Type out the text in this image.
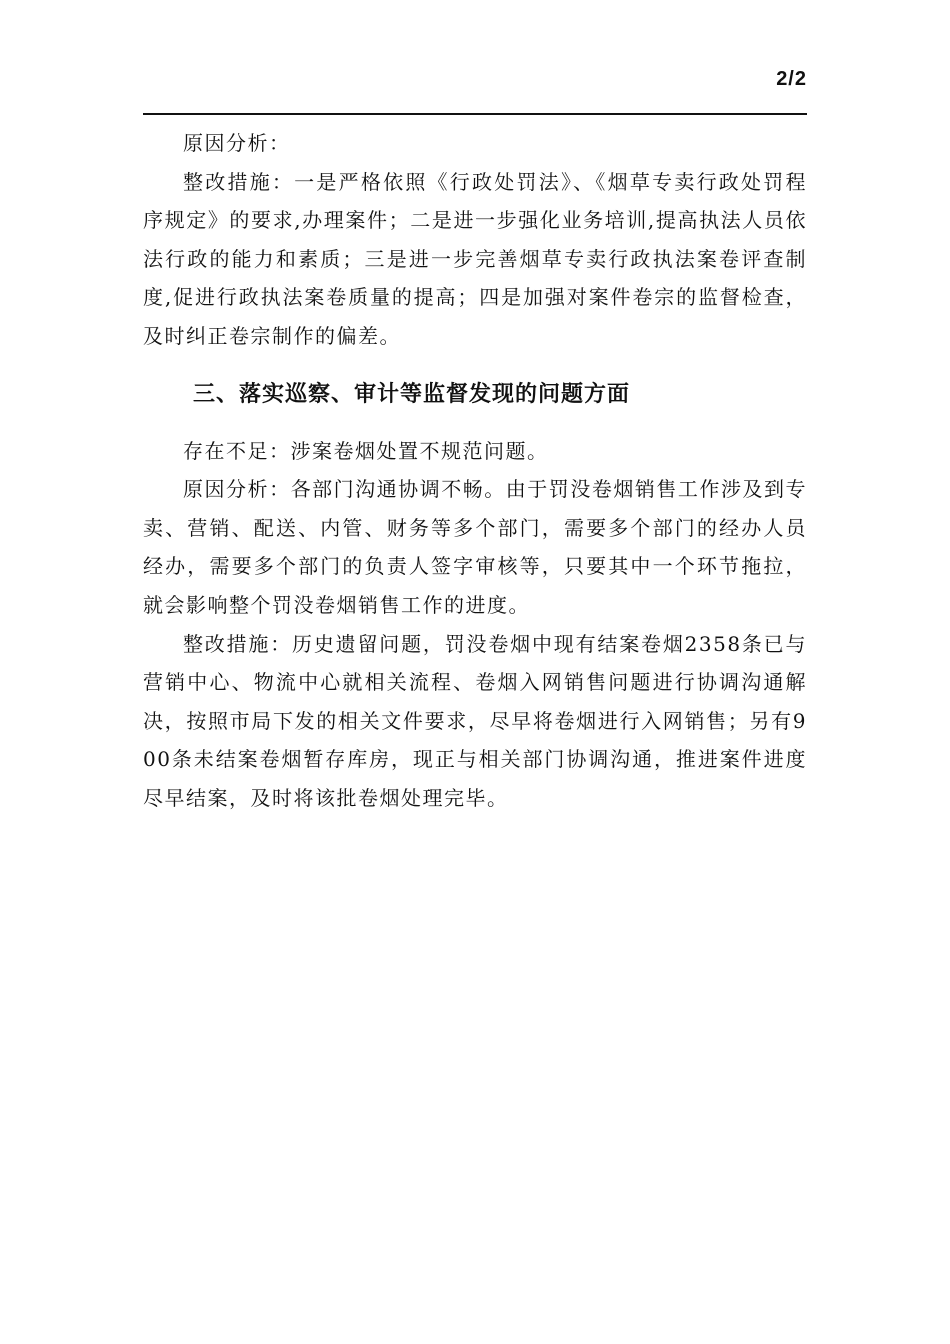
2/2

原因分析：

整改措施：一是严格依照《行政处罚法》、《烟草专卖行政处罚程序规定》的要求,办理案件；二是进一步强化业务培训,提高执法人员依法行政的能力和素质；三是进一步完善烟草专卖行政执法案卷评查制度,促进行政执法案卷质量的提高；四是加强对案件卷宗的监督检查，及时纠正卷宗制作的偏差。

三、落实巡察、审计等监督发现的问题方面

存在不足：涉案卷烟处置不规范问题。

原因分析：各部门沟通协调不畅。由于罚没卷烟销售工作涉及到专卖、营销、配送、内管、财务等多个部门，需要多个部门的经办人员经办，需要多个部门的负责人签字审核等，只要其中一个环节拖拉，就会影响整个罚没卷烟销售工作的进度。

整改措施：历史遗留问题，罚没卷烟中现有结案卷烟2358条已与营销中心、物流中心就相关流程、卷烟入网销售问题进行协调沟通解决，按照市局下发的相关文件要求，尽早将卷烟进行入网销售；另有900条未结案卷烟暂存库房，现正与相关部门协调沟通，推进案件进度尽早结案，及时将该批卷烟处理完毕。
